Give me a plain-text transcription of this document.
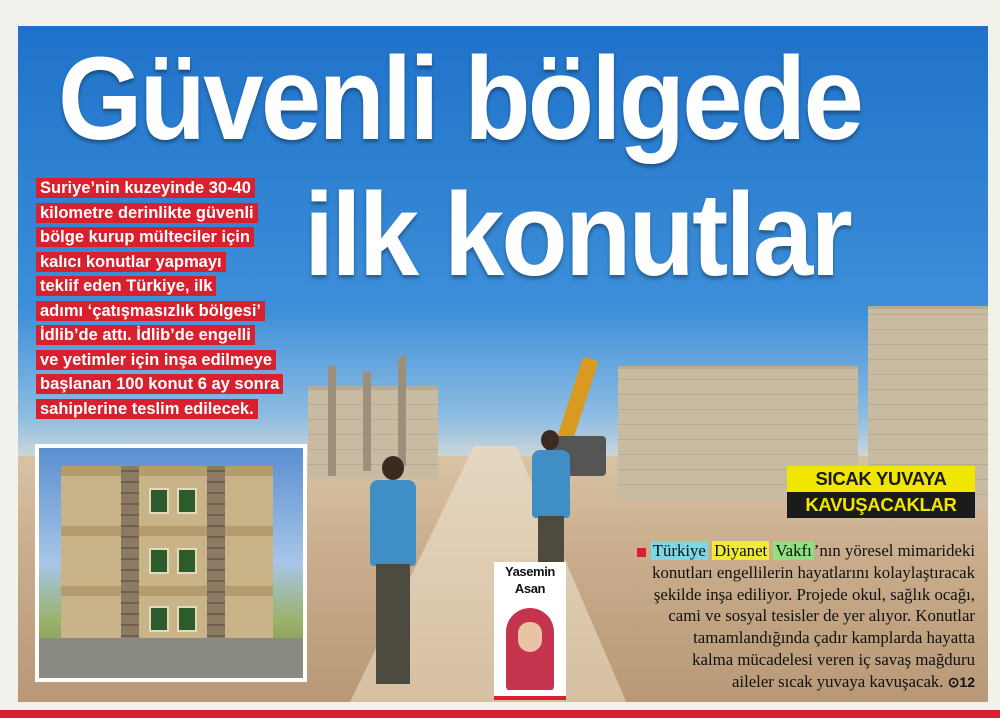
Güvenli bölgede
ilk konutlar
Suriye’nin kuzeyinde 30-40
kilometre derinlikte güvenli
bölge kurup mülteciler için
kalıcı konutlar yapmayı
teklif eden Türkiye, ilk
adımı ‘çatışmasızlık bölgesi’
İdlib’de attı. İdlib’de engelli
ve yetimler için inşa edilmeye
başlanan 100 konut 6 ay sonra
sahiplerine teslim edilecek.
SICAK YUVAYA
KAVUŞACAKLAR
Türkiye Diyanet Vakfı ’nın yöresel mimarideki
konutları engellilerin hayatlarını kolaylaştıracak
şekilde inşa ediliyor. Projede okul, sağlık ocağı,
cami ve sosyal tesisler de yer alıyor. Konutlar
tamamlandığında çadır kamplarda hayatta
kalma mücadelesi veren iç savaş mağduru
aileler sıcak yuvaya kavuşacak. ⊙12
Yasemin
Asan
